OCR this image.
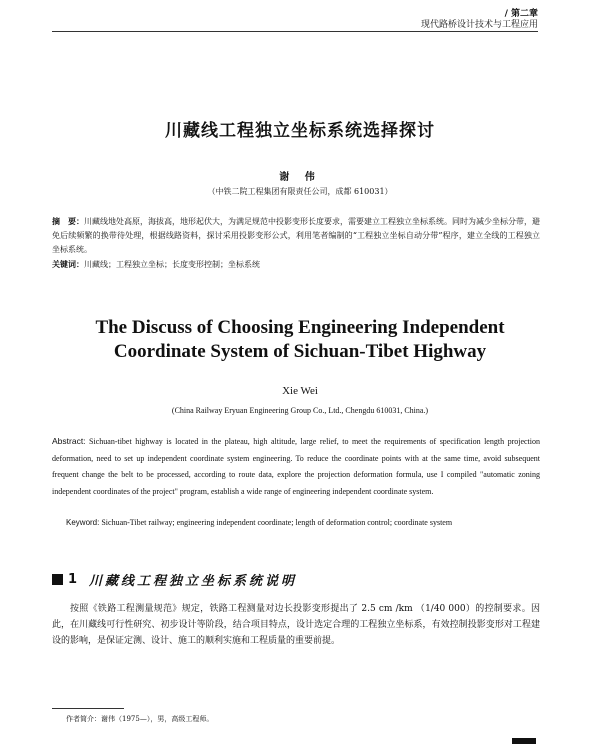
/ 第二章
现代路桥设计技术与工程应用
川藏线工程独立坐标系统选择探讨
谢 伟
（中铁二院工程集团有限责任公司，成都 610031）
摘　要：川藏线地处高原，海拔高，地形起伏大，为满足规范中投影变形长度要求，需要建立工程独立坐标系统。同时为减少坐标分带，避免后续频繁的换带待处理，根据线路资料，探讨采用投影变形公式，利用笔者编制的“工程独立坐标自动分带”程序，建立全线的工程独立坐标系统。
关键词：川藏线；工程独立坐标；长度变形控制；坐标系统
The Discuss of Choosing Engineering Independent
Coordinate System of Sichuan-Tibet Highway
Xie Wei
(China Railway Eryuan Engineering Group Co., Ltd., Chengdu 610031, China.)
Abstract: Sichuan-tibet highway is located in the plateau, high altitude, large relief, to meet the requirements of specification length projection deformation, need to set up independent coordinate system engineering. To reduce the coordinate points with at the same time, avoid subsequent frequent change the belt to be processed, according to route data, explore the projection deformation formula, use I compiled "automatic zoning independent coordinates of the project" program, establish a wide range of engineering independent coordinate system.
Keyword: Sichuan-Tibet railway; engineering independent coordinate; length of deformation control; coordinate system
1 川藏线工程独立坐标系统说明
按照《铁路工程测量规范》规定，铁路工程测量对边长投影变形提出了 2.5 cm /km （1/40 000）的控制要求。因此，在川藏线可行性研究、初步设计等阶段，结合项目特点，设计选定合理的工程独立坐标系，有效控制投影变形对工程建设的影响，是保证定测、设计、施工的顺利实施和工程质量的重要前提。
作者简介：谢伟（1975—），男，高级工程师。
